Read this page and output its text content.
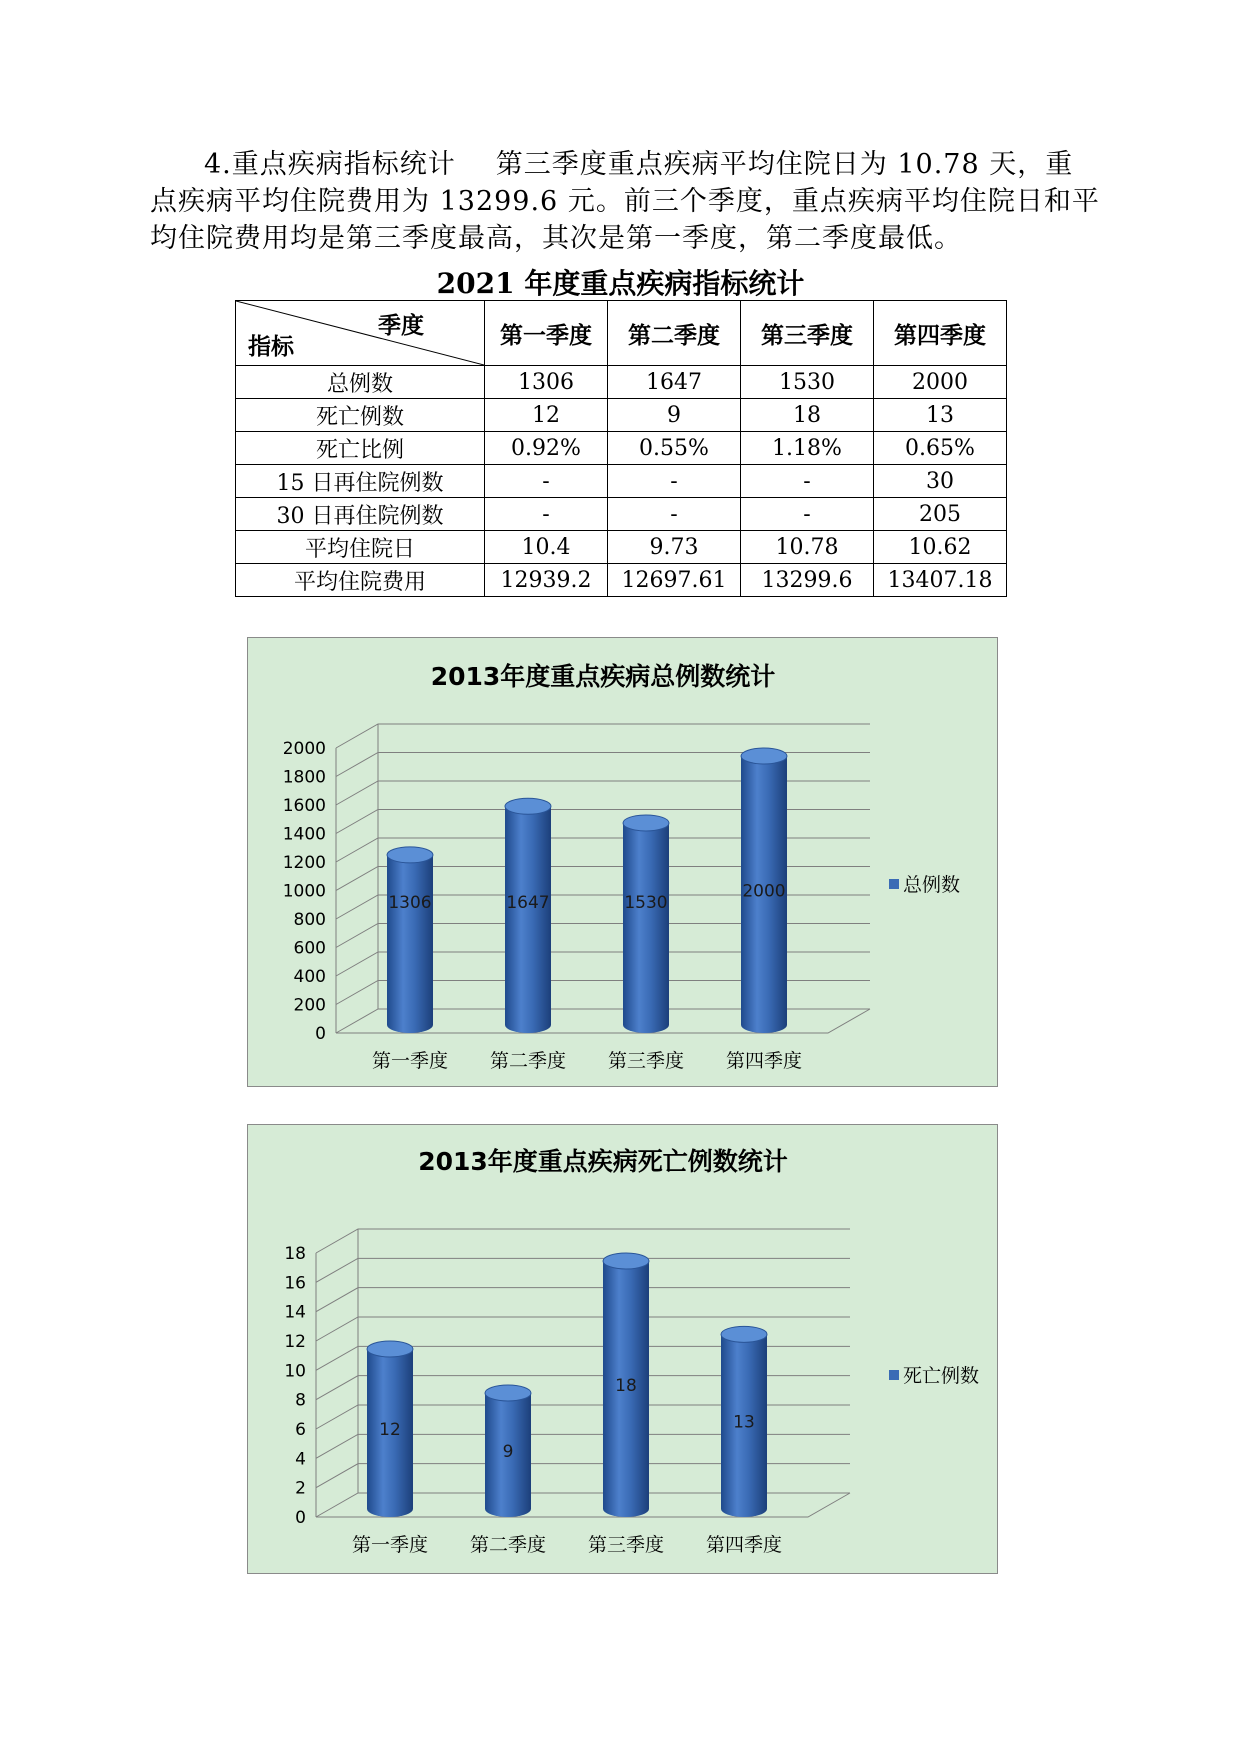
4.重点疾病指标统计 第三季度重点疾病平均住院日为 10.78 天，重

点疾病平均住院费用为 13299.6 元。前三个季度，重点疾病平均住院日和平

均住院费用均是第三季度最高，其次是第一季度，第二季度最低。

2021 年度重点疾病指标统计
季度
指标	第一季度	第二季度	第三季度	第四季度
总例数	1306	1647	1530	2000
死亡例数	12	9	18	13
死亡比例	0.92%	0.55%	1.18%	0.65%
15 日再住院例数	-	-	-	30
30 日再住院例数	-	-	-	205
平均住院日	10.4	9.73	10.78	10.62
平均住院费用	12939.2	12697.61	13299.6	13407.18
2013年度重点疾病总例数统计
0
200
400
600
800
1000
1200
1400
1600
1800
2000
1306	1647	1530
2000
第一季度 第二季度 第三季度 第四季度
总例数
2013年度重点疾病死亡例数统计
0
2
4
6
8
10
12
14
16
18
12
9
18
13
第一季度 第二季度 第三季度 第四季度
死亡例数
